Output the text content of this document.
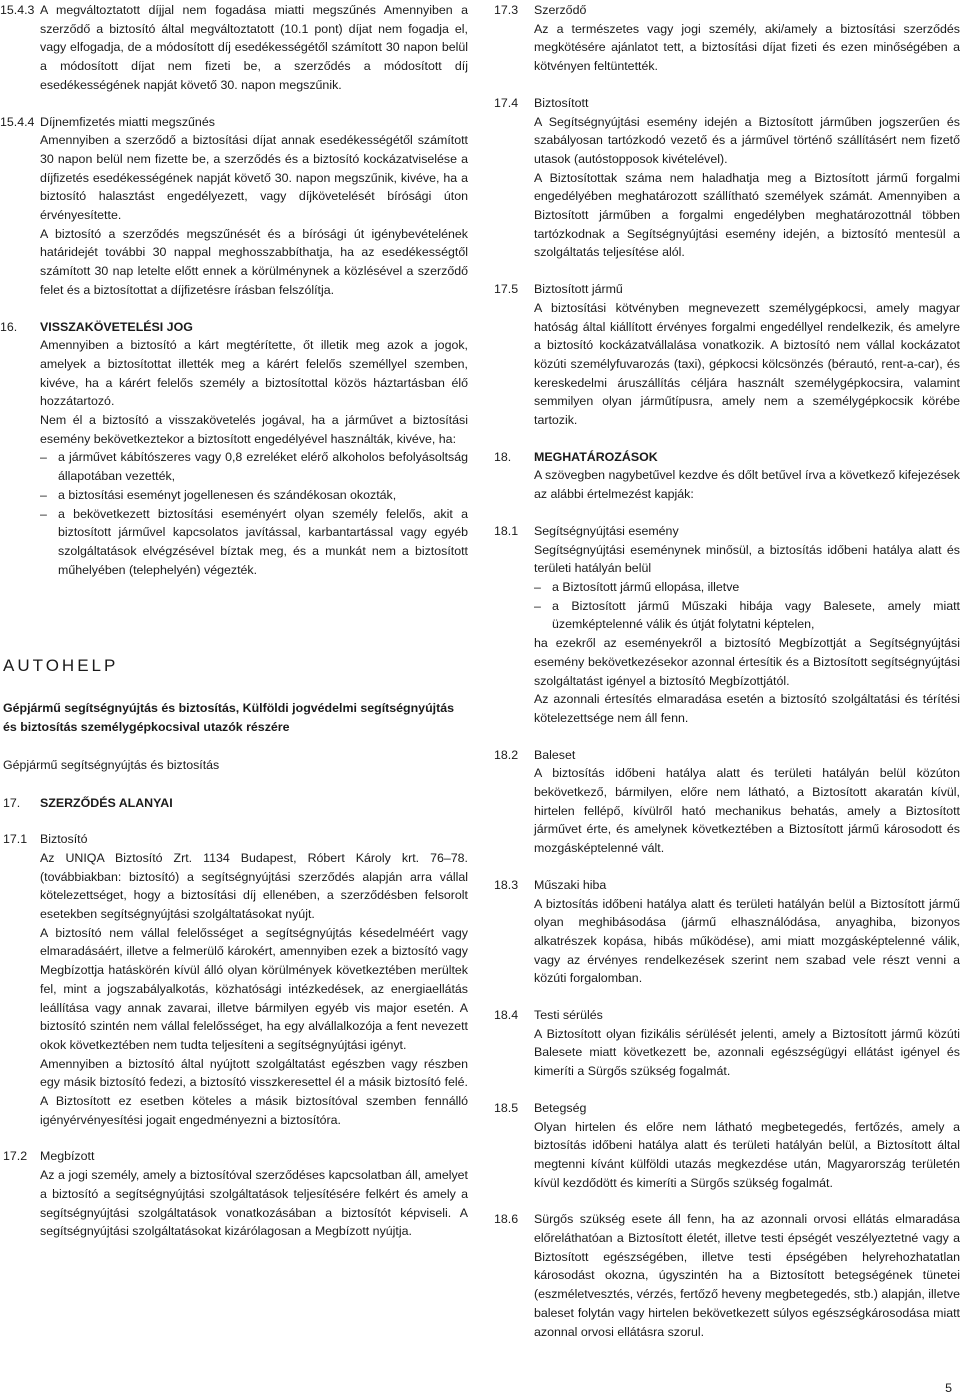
15.4.3 A megváltoztatott díjjal nem fogadása miatti megszűnés Amennyiben a szerződő a biztosító által megváltoztatott (10.1 pont) díjat nem fogadja el, vagy elfogadja, de a módosított díj esedékességétől számított 30 napon belül a módosított díjat nem fizeti be, a szerződés a módosított díj esedékességének napját követő 30. napon megszűnik.
15.4.4 Díjnemfizetés miatti megszűnés
Amennyiben a szerződő a biztosítási díjat annak esedékességétől számított 30 napon belül nem fizette be, a szerződés és a biztosító kockázatviselése a díjfizetés esedékességének napját követő 30. napon megszűnik, kivéve, ha a biztosító halasztást engedélyezett, vagy díjkövetelését bírósági úton érvényesítette.
A biztosító a szerződés megszűnését és a bírósági út igénybevételének határidejét további 30 nappal meghosszabbíthatja, ha az esedékességtől számított 30 nap letelte előtt ennek a körülménynek a közlésével a szerződő felet és a biztosítottat a díjfizetésre írásban felszólítja.
16.	VISSZAKÖVETELÉSI JOG
Amennyiben a biztosító a kárt megtérítette, őt illetik meg azok a jogok, amelyek a biztosítottat illették meg a kárért felelős személlyel szemben, kivéve, ha a kárért felelős személy a biztosítottal közös háztartásban élő hozzátartozó.
Nem él a biztosító a visszakövetelés jogával, ha a járművet a biztosítási esemény bekövetkeztekor a biztosított engedélyével használták, kivéve, ha:
– a járművet kábítószeres vagy 0,8 ezreléket elérő alkoholos befolyásoltság állapotában vezették,
– a biztosítási eseményt jogellenesen és szándékosan okozták,
– a bekövetkezett biztosítási eseményért olyan személy felelős, akit a biztosított járművel kapcsolatos javítással, karbantartással vagy egyéb szolgáltatások elvégzésével bíztak meg, és a munkát nem a biztosított műhelyében (telephelyén) végezték.
AUTOHELP
Gépjármű segítségnyújtás és biztosítás, Külföldi jogvédelmi segítségnyújtás és biztosítás személygépkocsival utazók részére
Gépjármű segítségnyújtás és biztosítás
17.	SZERZŐDÉS ALANYAI
17.1	Biztosító
Az UNIQA Biztosító Zrt. 1134 Budapest, Róbert Károly krt. 76–78. (továbbiakban: biztosító) a segítségnyújtási szerződés alapján arra vállal kötelezettséget, hogy a biztosítási díj ellenében, a szerződésben felsorolt esetekben segítségnyújtási szolgáltatásokat nyújt.
A biztosító nem vállal felelősséget a segítségnyújtás késedelméért vagy elmaradásáért, illetve a felmerülő károkért, amennyiben ezek a biztosító vagy Megbízottja hatáskörén kívül álló olyan körülmények következtében merültek fel, mint a jogszabályalkotás, közhatósági intézkedések, az energiaellátás leállítása vagy annak zavarai, illetve bármilyen egyéb vis major esetén. A biztosító szintén nem vállal felelősséget, ha egy alvállalkozója a fent nevezett okok következtében nem tudta teljesíteni a segítségnyújtási igényt.
Amennyiben a biztosító által nyújtott szolgáltatást egészben vagy részben egy másik biztosító fedezi, a biztosító visszkeresettel él a másik biztosító felé. A Biztosított ez esetben köteles a másik biztosítóval szemben fennálló igényérvényesítési jogait engedményezni a biztosítóra.
17.2	Megbízott
Az a jogi személy, amely a biztosítóval szerződéses kapcsolatban áll, amelyet a biztosító a segítségnyújtási szolgáltatások teljesítésére felkért és amely a segítségnyújtási szolgáltatások vonatkozásában a biztosítót képviseli. A segítségnyújtási szolgáltatásokat kizárólagosan a Megbízott nyújtja.
17.3	Szerződő
Az a természetes vagy jogi személy, aki/amely a biztosítási szerződés megkötésére ajánlatot tett, a biztosítási díjat fizeti és ezen minőségében a kötvényen feltüntették.
17.4	Biztosított
A Segítségnyújtási esemény idején a Biztosított járműben jogszerűen és szabályosan tartózkodó vezető és a járművel történő szállításért nem fizető utasok (autóstopposok kivételével).
A Biztosítottak száma nem haladhatja meg a Biztosított jármű forgalmi engedélyében meghatározott szállítható személyek számát. Amennyiben a Biztosított járműben a forgalmi engedélyben meghatározottnál többen tartózkodnak a Segítségnyújtási esemény idején, a biztosító mentesül a szolgáltatás teljesítése alól.
17.5	Biztosított jármű
A biztosítási kötvényben megnevezett személygépkocsi, amely magyar hatóság által kiállított érvényes forgalmi engedéllyel rendelkezik, és amelyre a biztosító kockázatvállalása vonatkozik. A biztosító nem vállal kockázatot közúti személyfuvarozás (taxi), gépkocsi kölcsönzés (bérautó, rent-a-car), és kereskedelmi áruszállítás céljára használt személygépkocsira, valamint semmilyen olyan járműtípusra, amely nem a személygépkocsik körébe tartozik.
18.	MEGHATÁROZÁSOK
A szövegben nagybetűvel kezdve és dőlt betűvel írva a következő kifejezések az alábbi értelmezést kapják:
18.1	Segítségnyújtási esemény
Segítségnyújtási eseménynek minősül, a biztosítás időbeni hatálya alatt és területi hatályán belül
– a Biztosított jármű ellopása, illetve
– a Biztosított jármű Műszaki hibája vagy Balesete, amely miatt üzemképtelenné válik és útját folytatni képtelen,
ha ezekről az eseményekről a biztosító Megbízottját a Segítségnyújtási esemény bekövetkezésekor azonnal értesítik és a Biztosított segítségnyújtási szolgáltatást igényel a biztosító Megbízottjától.
Az azonnali értesítés elmaradása esetén a biztosító szolgáltatási és térítési kötelezettsége nem áll fenn.
18.2	Baleset
A biztosítás időbeni hatálya alatt és területi hatályán belül közúton bekövetkező, bármilyen, előre nem látható, a Biztosított akaratán kívül, hirtelen fellépő, kívülről ható mechanikus behatás, amely a Biztosított járművet érte, és amelynek következtében a Biztosított jármű károsodott és mozgásképtelenné vált.
18.3	Műszaki hiba
A biztosítás időbeni hatálya alatt és területi hatályán belül a Biztosított jármű olyan meghibásodása (jármű elhasználódása, anyaghiba, bizonyos alkatrészek kopása, hibás működése), ami miatt mozgásképtelenné válik, vagy az érvényes rendelkezések szerint nem szabad vele részt venni a közúti forgalomban.
18.4	Testi sérülés
A Biztosított olyan fizikális sérülését jelenti, amely a Biztosított jármű közúti Balesete miatt következett be, azonnali egészségügyi ellátást igényel és kimeríti a Sürgős szükség fogalmát.
18.5	Betegség
Olyan hirtelen és előre nem látható megbetegedés, fertőzés, amely a biztosítás időbeni hatálya alatt és területi hatályán belül, a Biztosított által megtenni kívánt külföldi utazás megkezdése után, Magyarország területén kívül kezdődött és kimeríti a Sürgős szükség fogalmát.
18.6	Sürgős szükség esete áll fenn, ha az azonnali orvosi ellátás elmaradása előreláthatóan a Biztosított életét, illetve testi épségét veszélyeztetné vagy a Biztosított egészségében, illetve testi épségében helyrehozhatatlan károsodást okozna, úgyszintén ha a Biztosított betegségének tünetei (eszméletvesztés, vérzés, fertőző heveny megbetegedés, stb.) alapján, illetve baleset folytán vagy hirtelen bekövetkezett súlyos egészségkárosodása miatt azonnal orvosi ellátásra szorul.
5
